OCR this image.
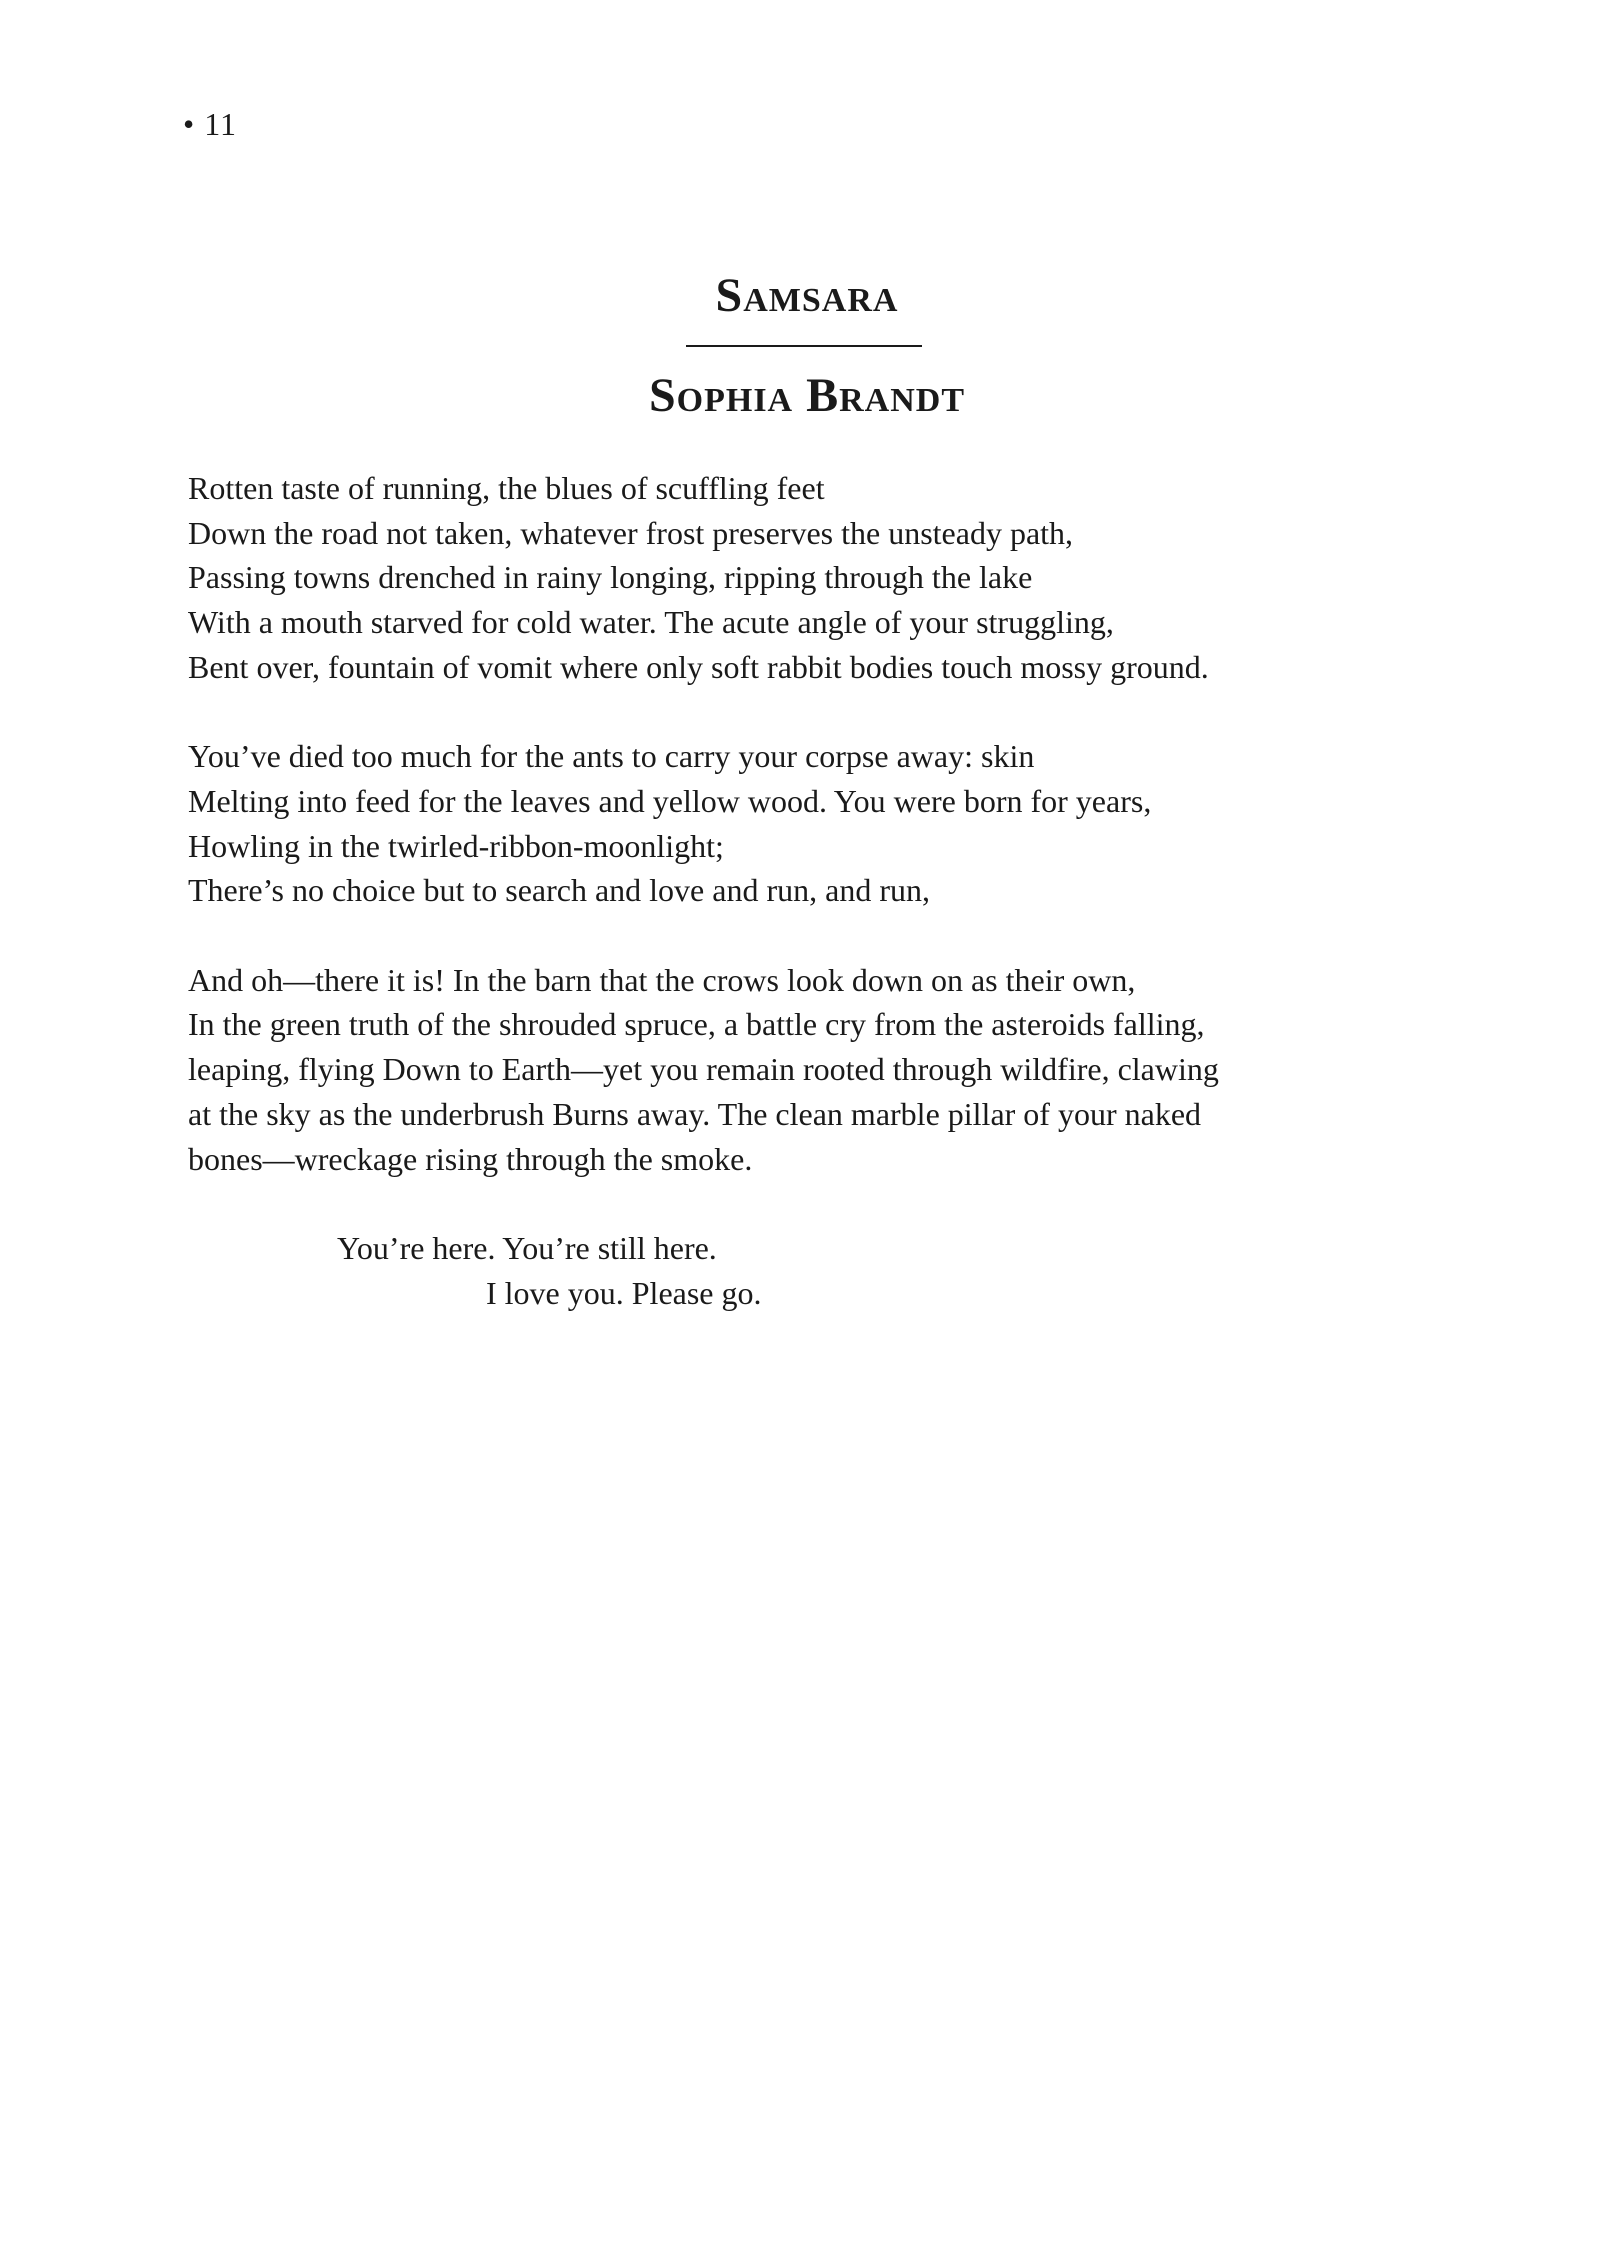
• 11
Samsara
Sophia Brandt
Rotten taste of running, the blues of scuffling feet
Down the road not taken, whatever frost preserves the unsteady path,
Passing towns drenched in rainy longing, ripping through the lake
With a mouth starved for cold water. The acute angle of your struggling,
Bent over, fountain of vomit where only soft rabbit bodies touch mossy ground.
You’ve died too much for the ants to carry your corpse away: skin
Melting into feed for the leaves and yellow wood. You were born for years,
Howling in the twirled-ribbon-moonlight;
There’s no choice but to search and love and run, and run,
And oh—there it is! In the barn that the crows look down on as their own,
In the green truth of the shrouded spruce, a battle cry from the asteroids falling,
leaping, flying Down to Earth—yet you remain rooted through wildfire, clawing
at the sky as the underbrush Burns away. The clean marble pillar of your naked
bones—wreckage rising through the smoke.
You’re here. You’re still here.
I love you. Please go.
